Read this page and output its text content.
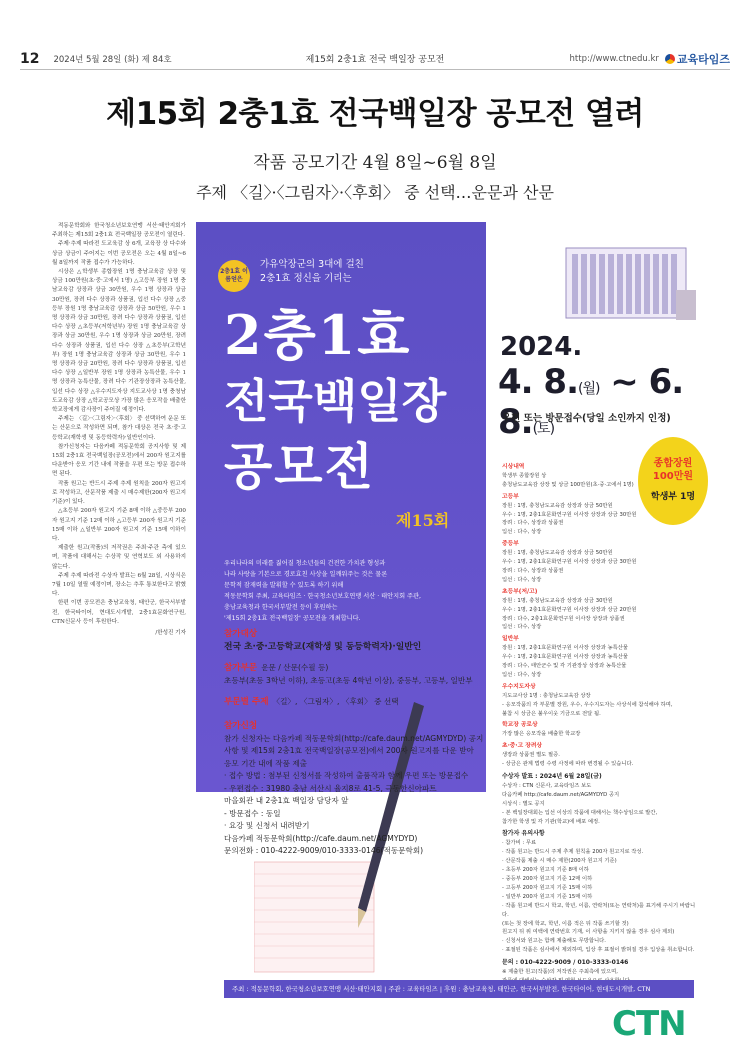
12 2024년 5월 28일 (화) 제 84호	제15회 2충1효 전국 백일장 공모전	http://www.ctnedu.kr 교육타임즈
제15회 2충1효 전국백일장 공모전 열려
작품 공모기간 4월 8일~6월 8일
주제 〈길〉·〈그림자〉·〈후회〉 중 선택…운문과 산문

적동문학회와 한국청소년보호연맹 서산·태안지회가 주최하는 제15회 2충1효 전국백일장 공모전이 열린다.

주제·추제 따라전 도교육감 상 6개, 교육장 상 다수와 상금 상금이 주어지는 이번 공모전은 오는 4월 8일~6월 8일까지 작품 접수가 가능하다.

시상은 △학생부 종합장원 1명 충남교육감 상장 및 상금 100만원(초·중·고에서 1명) △고등부 장원 1명 충남교육감 상장과 상금 30만원, 우수 1명 상장과 상금 30만원, 장려 다수 상장과 상품권, 입선 다수 상장 △중등부 장원 1명 충남교육감 상장과 상금 50만원, 우수 1명 상장과 상금 30만원, 장려 다수 상장과 상품권, 입선 다수 상장 △초등부(저학년부) 장원 1명 충남교육감 상장과 상금 30만원, 우수 1명 상장과 상금 20만원, 장려 다수 상장과 상품권, 입선 다수 상장 △초등부(고학년부) 장원 1명 충남교육감 상장과 상금 30만원, 우수 1명 상장과 상금 20만원, 장려 다수 상장과 상품권, 입선 다수 상장 △일반부 장원 1명 상장과 농특산물, 우수 1명 상장과 농특산물, 장려 다수 기관장상장과 농특산물, 입선 다수 상장 △우수지도자상 지도교사상 1명 충청남도교육감 상장 △학교공모상 가장 많은 응모작을 배출한 학교장에게 감사장이 주어질 예정이다.

주제는 〈길〉·〈그림자〉·〈후회〉 중 선택하여 운문 또는 산문으로 작성하면 되며, 참가 대상은 전국 초·중·고등학교(재학생 및 동등학력자)·일반인이다.

참가신청자는 다음카페 적동문학회 공지사항 및 제15회 2충1효 전국백일장(공모전)에서 200자 원고지를 다운받아 응모 기간 내에 작품을 우편 또는 방문 접수하면 된다.

작품 원고는 반드시 주제 추제 원칙을 200자 원고지로 작성하고, 산문작품 제출 시 매수제한(200자 원고지 기준)이 있다.

△초등부 200자 원고지 기준 8매 이하 △중등부 200자 원고지 기준 12매 이하 △고등부 200자 원고지 기준 15매 이하 △일반부 200자 원고지 기준 15매 이하이다.

제출한 원고(작품)의 저작권은 주최·주관 측에 있으며, 작품에 대해서는 수상작 및 연혁보도 외 사용하지 않는다.

주제 추제 따라전 수상자 발표는 6월 28일, 시상식은 7월 10일 열릴 예정이며, 장소는 추후 통보한다고 밝혔다.

한편 이번 공모전은 충남교육청, 태안군, 한국서부발전, 한국타이어, 현대도시개발, 2충1효문화연구원, CTN신문사 등이 후원한다.

/한성진 기자
2충1효 이름얻은
가유악장군의 3대에 걸친
2충1효 정신을 기리는
2충1효
전국백일장
공모전
제15회
우리나라의 미래를 짊어질 청소년들의 건전한 가치관 형성과
나라 사랑을 기본으로 경로효친 사상을 일깨워주는 것은 물론
문학적 잠재력을 발휘할 수 있도록 하기 위해
적동문학회 주최, 교육타임즈 · 한국청소년보호연맹 서산 · 태안지회 주관,
충남교육청과 한국서부발전 등이 후원하는
'제15회 2충1효 전국백일장' 공모전을 개최합니다.
참가대상
전국 초·중·고등학교(재학생 및 동등학력자)·일반인
참가부문 운문 / 산문(수필 등)
초등부(초등 3학년 이하), 초등고(초등 4학년 이상), 중등부, 고등부, 일반부
부문별 주제 〈길〉, 〈그림자〉, 〈후회〉 중 선택
참가신청
참가 신청자는 다음카페 적동문학회(http://cafe.daum.net/AGMYDYD) 공지
사항 및 제15회 2충1효 전국백일장(공모전)에서 200자 원고지를 다운 받아
응모 기간 내에 작품 제출
· 접수 방법 : 첨부된 신청서를 작성하여 출품작과 함께 우편 또는 방문접수
- 우편접수 : 31980 충남 서산시 율지8로 41-5, 극동한신아파트
마을회관 내 2충1효 백일장 담당자 앞
- 방문접수 : 동일
· 요강 및 신청서 내려받기
다음카페 적동문학회(http://cafe.daum.net/AGMYDYD)
문의전화 : 010-4222-9009/010-3333-0146(적동문학회)
2024.
4. 8.(월) ~ 6. 8.(토)
우편 또는 방문접수(당일 소인까지 인정)
종합장원
100만원
학생부 1명
시상내역
학생부 종합장원 상
충청남도교육감 상장 및 상금 100만원(초·중·고에서 1명)
고등부
장원 : 1명, 충청남도교육감 상장과 상금 50만원
우수 : 1명, 2충1효문화연구원 이사장 상장과 상금 30만원
장려 : 다수, 상장과 상품권
입선 : 다수, 상장
중등부
장원 : 1명, 충청남도교육감 상장과 상금 50만원
우수 : 1명, 2충1효문화연구원 이사장 상장과 상금 30만원
장려 : 다수, 상장과 상품권
입선 : 다수, 상장
초등부(저/고)
장원 : 1명, 충청남도교육감 상장과 상금 30만원
우수 : 1명, 2충1효문화연구원 이사장 상장과 상금 20만원
장려 : 다수, 2충1효문화연구원 이사장 상장과 상품권
입선 : 다수, 상장
일반부
장원 : 1명, 2충1효문화연구원 이사장 상장과 농특산물
우수 : 1명, 2충1효문화연구원 이사장 상장과 농특산물
장려 : 다수, 태안군수 및 각 기관장상 상장과 농특산물
입선 : 다수, 상장
우수지도자상
지도교사상 1명 : 충청남도교육감 상장
- 응모작품의 각 부문별 장원, 우수, 우수지도자는 사상식에 참석해야 하며,
불참 시 상금은 불우이웃 기금으로 전달 됨.
학교장 공로상
가장 많은 응모작을 배출한 학교장
초·중·고 장려상
생장과 상품권 별도 필증.
- 상금은 관계 법령 수령 사정에 따라 변경될 수 있습니다.
수상자 발표 : 2024년 6월 28일(금)
수상자 : CTN 신문사, 교육타임즈 보도
다음카페 http://cafe.daum.net/AGMYDYD 공지
시상식 : 별도 공지
- 본 백일장대회는 입선 이상의 작품에 대해서는 책수상임으로 발간,
참가한 학생 및 각 기관(학교)에 배포 예정.
참가자 유의사항
· 참가비 : 무료
· 작품 원고는 반드시 주제 추제 원칙을 200자 원고지로 작성.
· 산문작품 제출 시 매수 제한(200자 원고지 기준)
- 초등부 200자 원고지 기준 8매 이하
- 중등부 200자 원고지 기준 12매 이하
- 고등부 200자 원고지 기준 15매 이하
- 일반부 200자 원고지 기준 15매 이하
· 작품 원고에 반드시 학교, 학년, 이름, 연락처(또는 연락처)를 표기해 주시기 바랍니다.
(또는 첫 장에 학교, 학년, 이름 적은 뒤 작품 쓰기할 것)
원고지 뒤 위 여백에 연락번호 기재, 이 사항을 지키지 않을 경우 심사 제외)
· 신청서와 원고는 함께 제출해도 무방합니다.
· 표절된 작품은 심사에서 제외하며, 입상 후 표절이 밝혀질 경우 입상을 취소합니다.
문의 : 010-4222-9009 / 010-3333-0146
※ 제출한 원고(작품)의 저작권은 주최측에 있으며,
주최 : 적동문학회, 한국청소년보호연맹 서산·태안지회 | 주관 : 교육타임즈 | 후원 : 충남교육청, 태안군, 한국서부발전, 한국타이어, 현대도시개발, CTN
CTN
